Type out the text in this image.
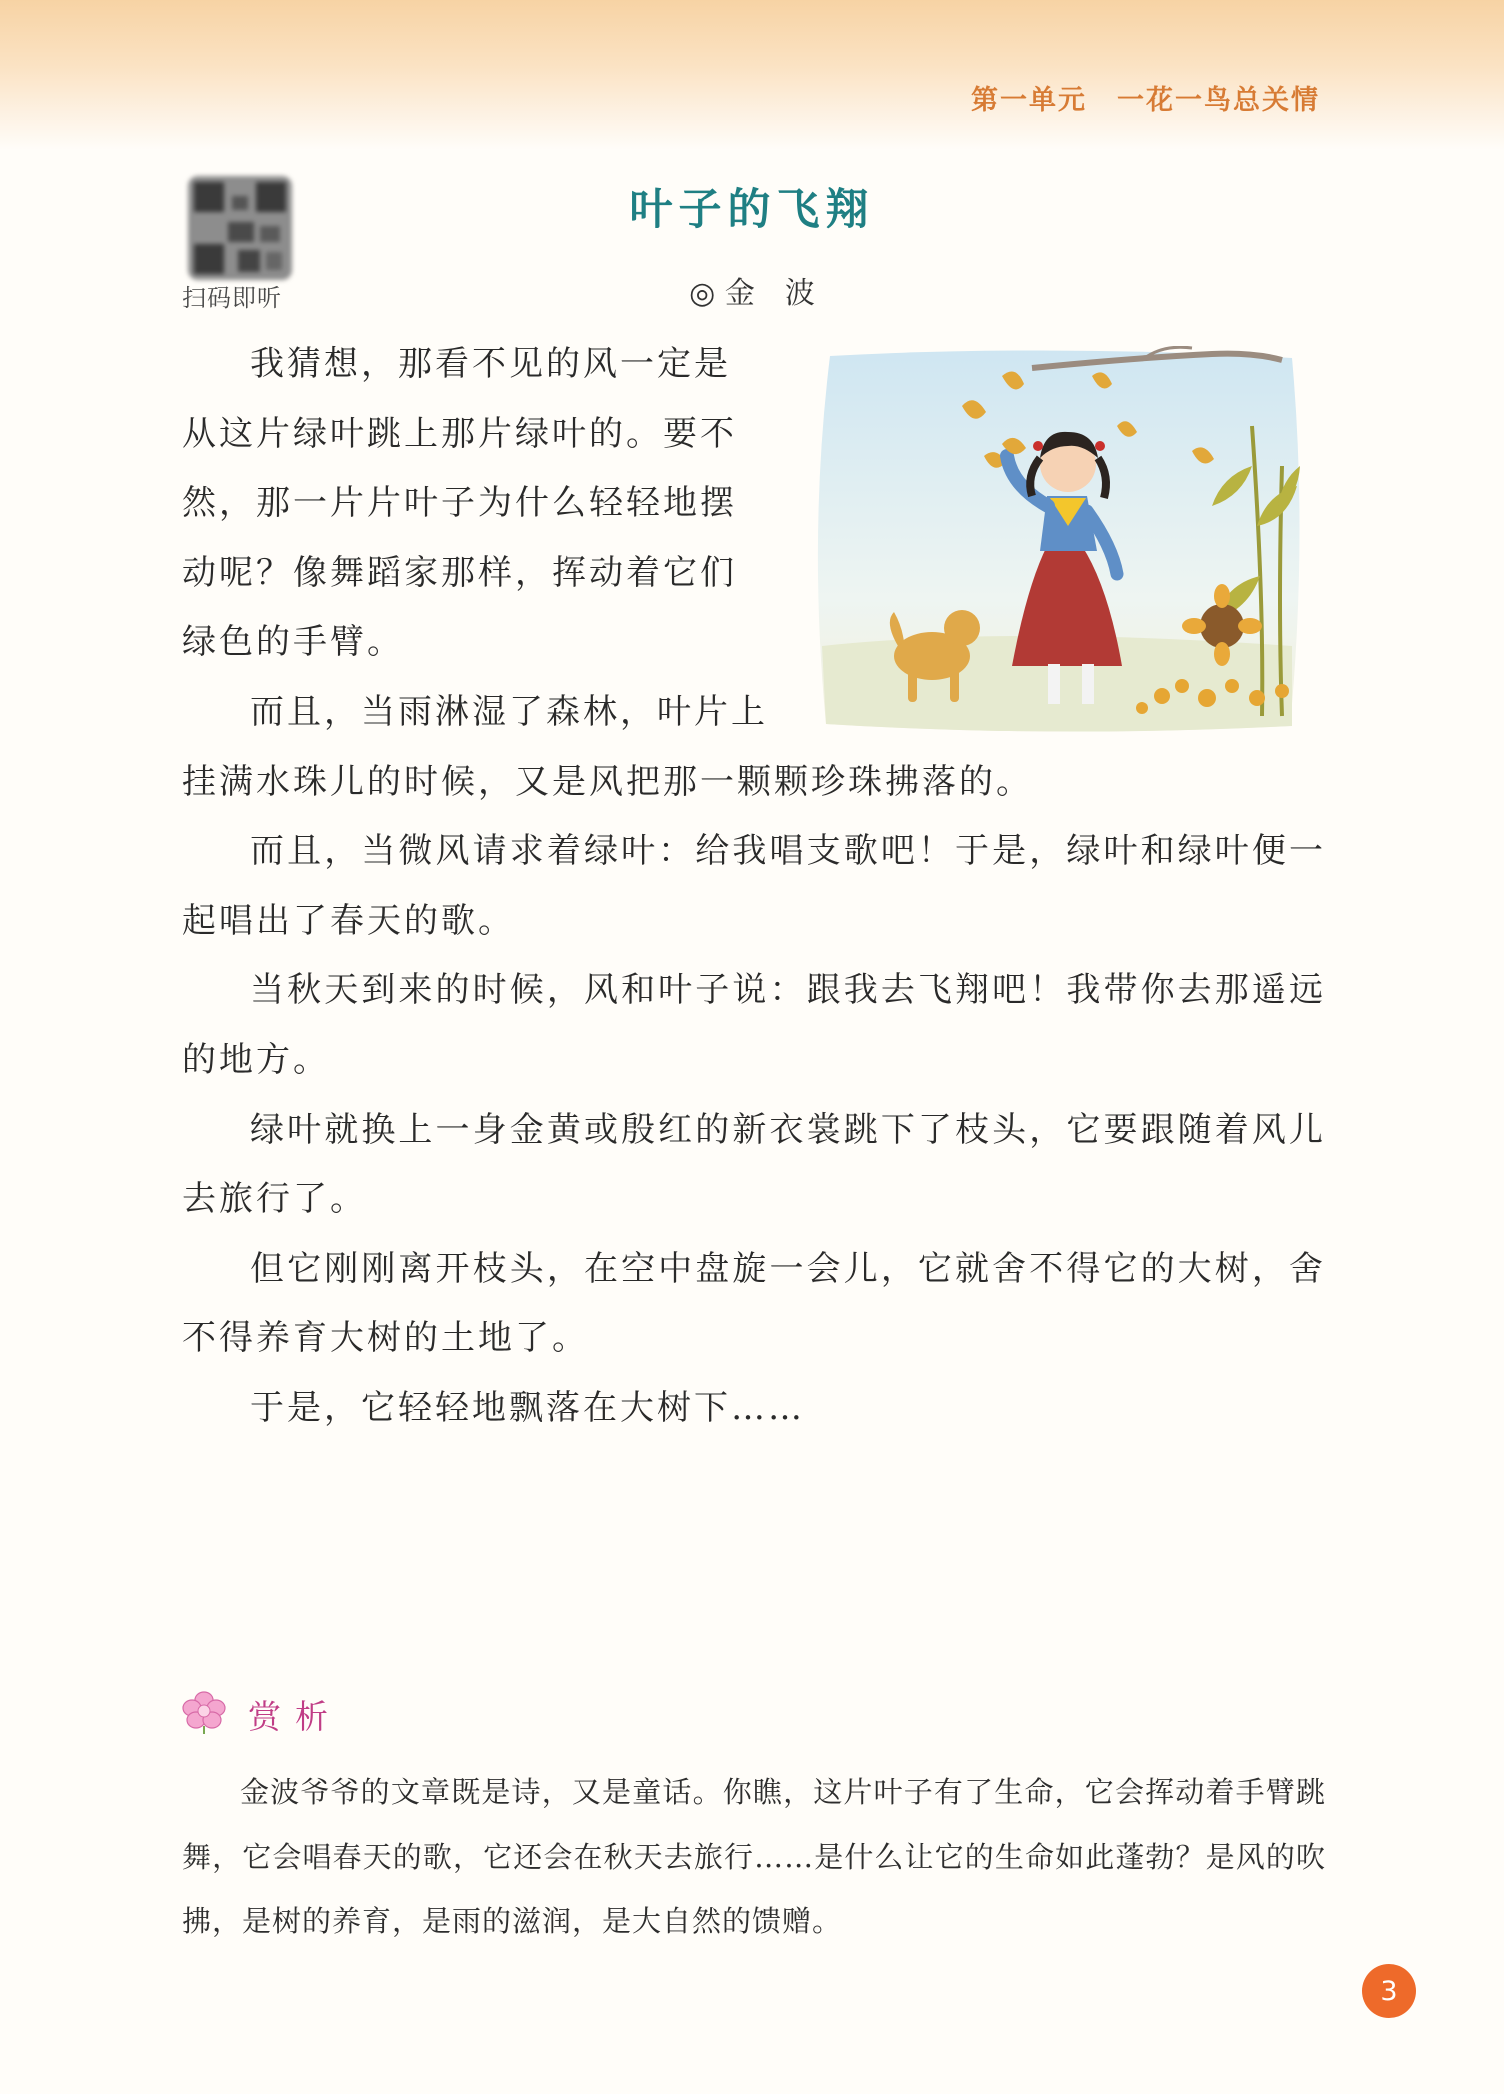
第一单元 一花一鸟总关情
扫码即听
叶子的飞翔
◎ 金　波
我猜想，那看不见的风一定是
从这片绿叶跳上那片绿叶的。要不
然，那一片片叶子为什么轻轻地摆
动呢？像舞蹈家那样，挥动着它们
绿色的手臂。
而且，当雨淋湿了森林，叶片上
挂满水珠儿的时候，又是风把那一颗颗珍珠拂落的。

而且，当微风请求着绿叶：给我唱支歌吧！于是，绿叶和绿叶便一起唱出了春天的歌。

当秋天到来的时候，风和叶子说：跟我去飞翔吧！我带你去那遥远的地方。

绿叶就换上一身金黄或殷红的新衣裳跳下了枝头，它要跟随着风儿去旅行了。

但它刚刚离开枝头，在空中盘旋一会儿，它就舍不得它的大树，舍不得养育大树的土地了。

于是，它轻轻地飘落在大树下……

赏析

金波爷爷的文章既是诗，又是童话。你瞧，这片叶子有了生命，它会挥动着手臂跳舞，它会唱春天的歌，它还会在秋天去旅行……是什么让它的生命如此蓬勃？是风的吹拂，是树的养育，是雨的滋润，是大自然的馈赠。

3
